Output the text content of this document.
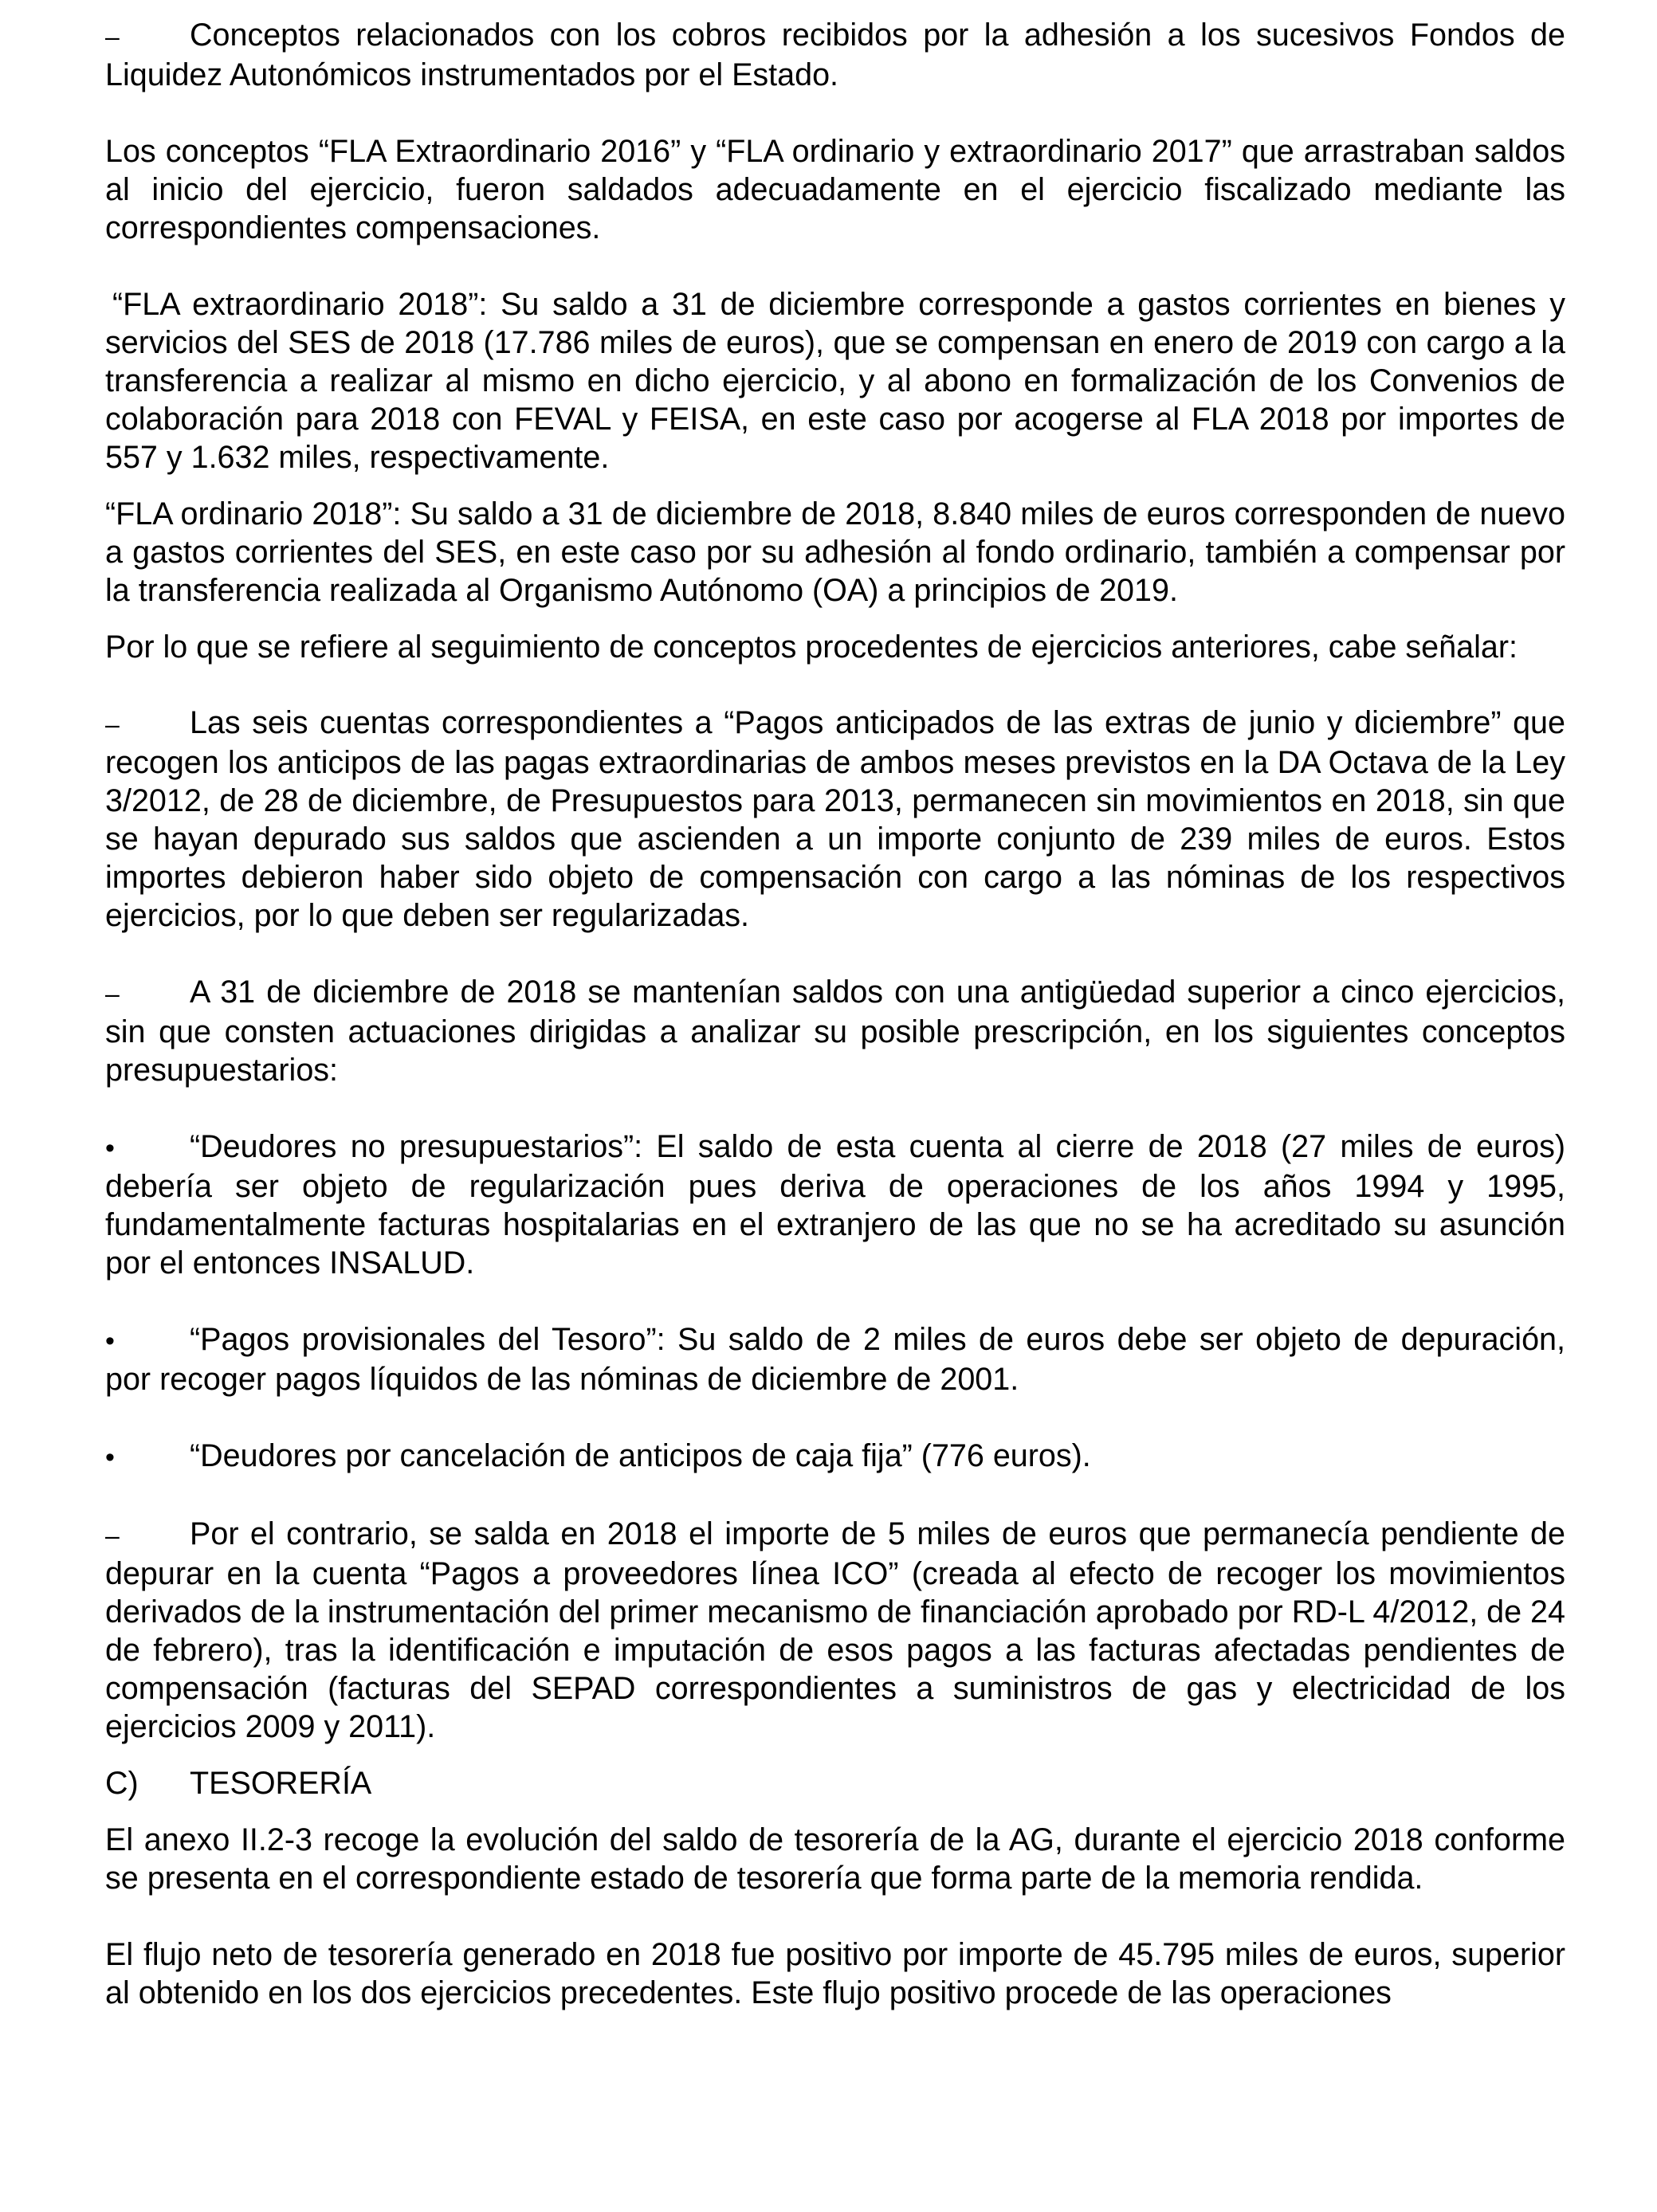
– Conceptos relacionados con los cobros recibidos por la adhesión a los sucesivos Fondos de Liquidez Autonómicos instrumentados por el Estado.

Los conceptos “FLA Extraordinario 2016” y “FLA ordinario y extraordinario 2017” que arrastraban saldos al inicio del ejercicio, fueron saldados adecuadamente en el ejercicio fiscalizado mediante las correspondientes compensaciones.

“FLA extraordinario 2018”: Su saldo a 31 de diciembre corresponde a gastos corrientes en bienes y servicios del SES de 2018 (17.786 miles de euros), que se compensan en enero de 2019 con cargo a la transferencia a realizar al mismo en dicho ejercicio, y al abono en formalización de los Convenios de colaboración para 2018 con FEVAL y FEISA, en este caso por acogerse al FLA 2018 por importes de 557 y 1.632 miles, respectivamente.

“FLA ordinario 2018”: Su saldo a 31 de diciembre de 2018, 8.840 miles de euros corresponden de nuevo a gastos corrientes del SES, en este caso por su adhesión al fondo ordinario, también a compensar por la transferencia realizada al Organismo Autónomo (OA) a principios de 2019.

Por lo que se refiere al seguimiento de conceptos procedentes de ejercicios anteriores, cabe señalar:

– Las seis cuentas correspondientes a “Pagos anticipados de las extras de junio y diciembre” que recogen los anticipos de las pagas extraordinarias de ambos meses previstos en la DA Octava de la Ley 3/2012, de 28 de diciembre, de Presupuestos para 2013, permanecen sin movimientos en 2018, sin que se hayan depurado sus saldos que ascienden a un importe conjunto de 239 miles de euros. Estos importes debieron haber sido objeto de compensación con cargo a las nóminas de los respectivos ejercicios, por lo que deben ser regularizadas.

– A 31 de diciembre de 2018 se mantenían saldos con una antigüedad superior a cinco ejercicios, sin que consten actuaciones dirigidas a analizar su posible prescripción, en los siguientes conceptos presupuestarios:

• “Deudores no presupuestarios”: El saldo de esta cuenta al cierre de 2018 (27 miles de euros) debería ser objeto de regularización pues deriva de operaciones de los años 1994 y 1995, fundamentalmente facturas hospitalarias en el extranjero de las que no se ha acreditado su asunción por el entonces INSALUD.

• “Pagos provisionales del Tesoro”: Su saldo de 2 miles de euros debe ser objeto de depuración, por recoger pagos líquidos de las nóminas de diciembre de 2001.

• “Deudores por cancelación de anticipos de caja fija” (776 euros).

– Por el contrario, se salda en 2018 el importe de 5 miles de euros que permanecía pendiente de depurar en la cuenta “Pagos a proveedores línea ICO” (creada al efecto de recoger los movimientos derivados de la instrumentación del primer mecanismo de financiación aprobado por RD-L 4/2012, de 24 de febrero), tras la identificación e imputación de esos pagos a las facturas afectadas pendientes de compensación (facturas del SEPAD correspondientes a suministros de gas y electricidad de los ejercicios 2009 y 2011).

C) TESORERÍA

El anexo II.2-3 recoge la evolución del saldo de tesorería de la AG, durante el ejercicio 2018 conforme se presenta en el correspondiente estado de tesorería que forma parte de la memoria rendida.

El flujo neto de tesorería generado en 2018 fue positivo por importe de 45.795 miles de euros, superior al obtenido en los dos ejercicios precedentes. Este flujo positivo procede de las operaciones
